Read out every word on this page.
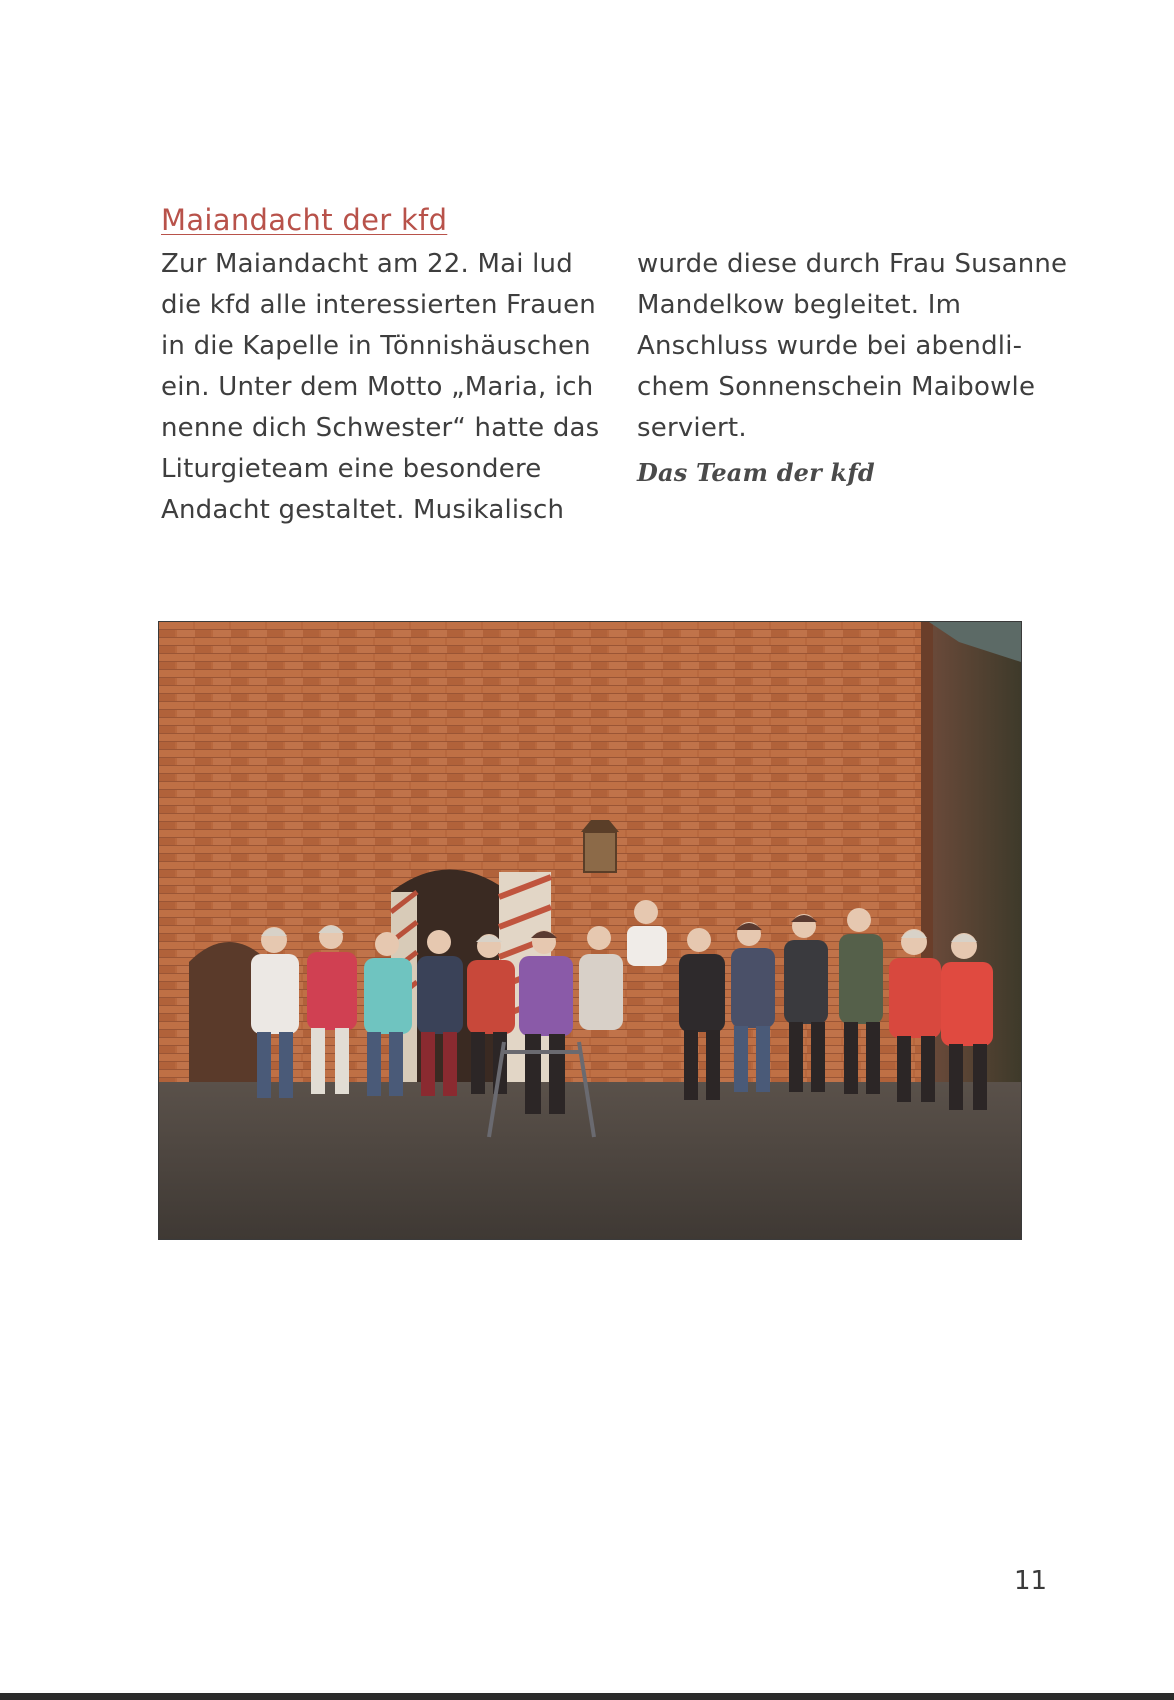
Maiandacht der kfd
Zur Maiandacht am 22. Mai lud
die kfd alle interessierten Frauen
in die Kapelle in Tönnishäuschen
ein. Unter dem Motto „Maria, ich
nenne dich Schwester“ hatte das
Liturgieteam eine besondere
Andacht gestaltet. Musikalisch
wurde diese durch Frau Susanne
Mandelkow begleitet. Im
Anschluss wurde bei abendli-
chem Sonnenschein Maibowle
serviert.
Das Team der kfd
11
